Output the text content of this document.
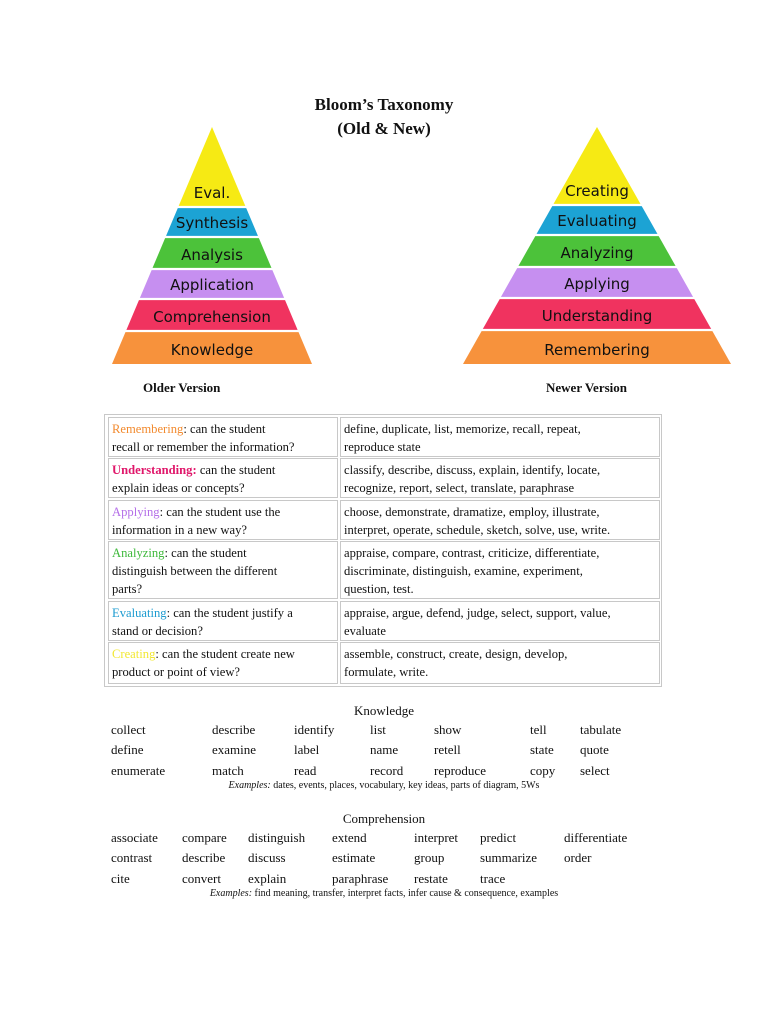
Bloom’s Taxonomy
(Old & New)
Eval.
Synthesis
Analysis
Application
Comprehension
Knowledge
Creating
Evaluating
Analyzing
Applying
Understanding
Remembering
Older Version	Newer Version
Remembering: can the student
recall or remember the information?
define, duplicate, list, memorize, recall, repeat,
reproduce state
Understanding: can the student
explain ideas or concepts?
classify, describe, discuss, explain, identify, locate,
recognize, report, select, translate, paraphrase
Applying: can the student use the
information in a new way?
choose, demonstrate, dramatize, employ, illustrate,
interpret, operate, schedule, sketch, solve, use, write.
Analyzing: can the student
distinguish between the different
parts?
appraise, compare, contrast, criticize, differentiate,
discriminate, distinguish, examine, experiment,
question, test.
Evaluating: can the student justify a
stand or decision?
appraise, argue, defend, judge, select, support, value,
evaluate
Creating: can the student create new
product or point of view?
assemble, construct, create, design, develop,
formulate, write.
Knowledge
collect	describe	identify	list	show	tell	tabulate
define	examine	label	name	retell	state quote
enumerate	match	read	record reproduce	copy select
Examples: dates, events, places, vocabulary, key ideas, parts of diagram, 5Ws
Comprehension
associate compare distinguish extend	interpret predict	differentiate
contrast describe discuss	estimate	group	summarize order
cite	convert explain	paraphrase restate trace
Examples: find meaning, transfer, interpret facts, infer cause & consequence, examples
